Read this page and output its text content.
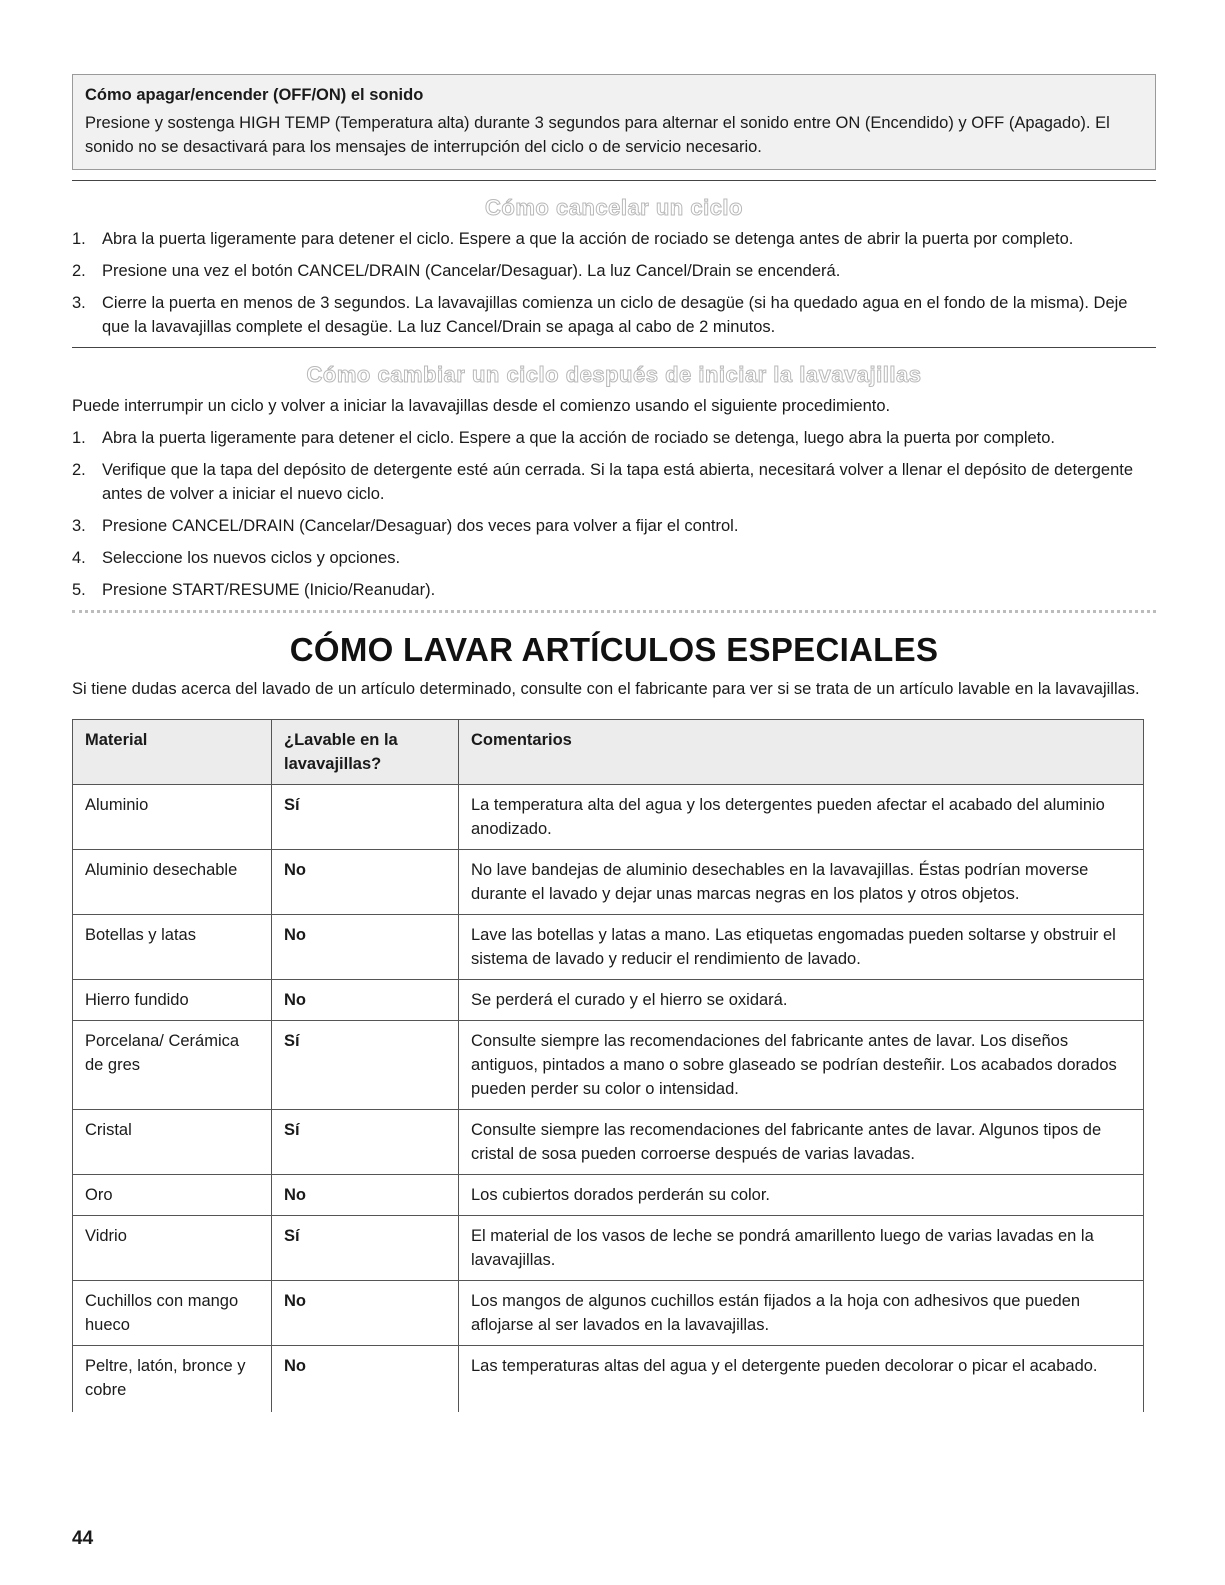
Cómo apagar/encender (OFF/ON) el sonido
Presione y sostenga HIGH TEMP (Temperatura alta) durante 3 segundos para alternar el sonido entre ON (Encendido) y OFF (Apagado). El sonido no se desactivará para los mensajes de interrupción del ciclo o de servicio necesario.
Cómo cancelar un ciclo
1. Abra la puerta ligeramente para detener el ciclo. Espere a que la acción de rociado se detenga antes de abrir la puerta por completo.
2. Presione una vez el botón CANCEL/DRAIN (Cancelar/Desaguar). La luz Cancel/Drain se encenderá.
3. Cierre la puerta en menos de 3 segundos. La lavavajillas comienza un ciclo de desagüe (si ha quedado agua en el fondo de la misma). Deje que la lavavajillas complete el desagüe. La luz Cancel/Drain se apaga al cabo de 2 minutos.
Cómo cambiar un ciclo después de iniciar la lavavajillas

Puede interrumpir un ciclo y volver a iniciar la lavavajillas desde el comienzo usando el siguiente procedimiento.

1. Abra la puerta ligeramente para detener el ciclo. Espere a que la acción de rociado se detenga, luego abra la puerta por completo.
2. Verifique que la tapa del depósito de detergente esté aún cerrada. Si la tapa está abierta, necesitará volver a llenar el depósito de detergente antes de volver a iniciar el nuevo ciclo.
3. Presione CANCEL/DRAIN (Cancelar/Desaguar) dos veces para volver a fijar el control.
4. Seleccione los nuevos ciclos y opciones.
5. Presione START/RESUME (Inicio/Reanudar).
CÓMO LAVAR ARTÍCULOS ESPECIALES

Si tiene dudas acerca del lavado de un artículo determinado, consulte con el fabricante para ver si se trata de un artículo lavable en la lavavajillas.

Material	¿Lavable en la lavavajillas?	Comentarios
Aluminio	Sí	La temperatura alta del agua y los detergentes pueden afectar el acabado del aluminio anodizado.
Aluminio desechable	No	No lave bandejas de aluminio desechables en la lavavajillas. Éstas podrían moverse durante el lavado y dejar unas marcas negras en los platos y otros objetos.
Botellas y latas	No	Lave las botellas y latas a mano. Las etiquetas engomadas pueden soltarse y obstruir el sistema de lavado y reducir el rendimiento de lavado.
Hierro fundido	No	Se perderá el curado y el hierro se oxidará.
Porcelana/ Cerámica de gres	Sí	Consulte siempre las recomendaciones del fabricante antes de lavar. Los diseños antiguos, pintados a mano o sobre glaseado se podrían desteñir. Los acabados dorados pueden perder su color o intensidad.
Cristal	Sí	Consulte siempre las recomendaciones del fabricante antes de lavar. Algunos tipos de cristal de sosa pueden corroerse después de varias lavadas.
Oro	No	Los cubiertos dorados perderán su color.
Vidrio	Sí	El material de los vasos de leche se pondrá amarillento luego de varias lavadas en la lavavajillas.
Cuchillos con mango hueco	No	Los mangos de algunos cuchillos están fijados a la hoja con adhesivos que pueden aflojarse al ser lavados en la lavavajillas.
Peltre, latón, bronce y cobre	No	Las temperaturas altas del agua y el detergente pueden decolorar o picar el acabado.
44
